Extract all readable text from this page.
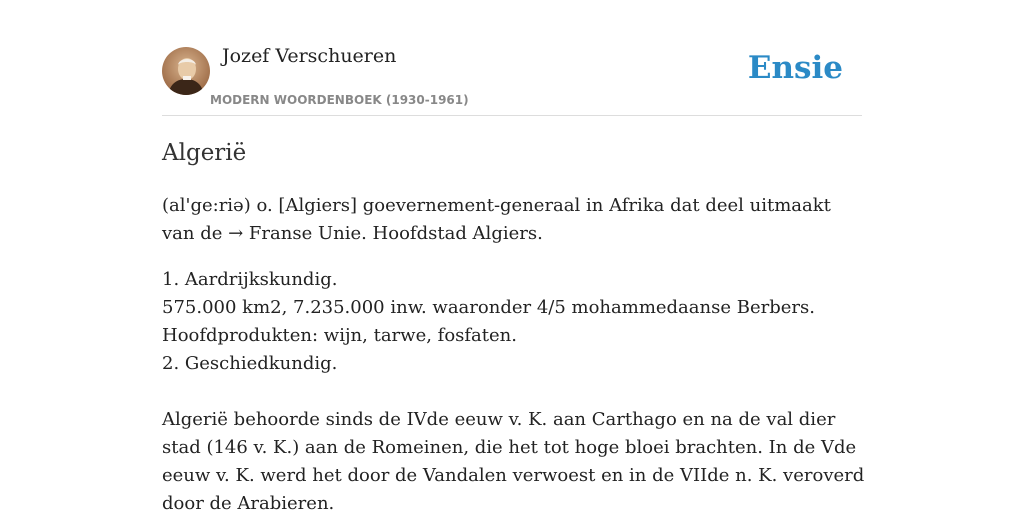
Jozef Verschueren
MODERN WOORDENBOEK (1930-1961)
Ensie
Algerië

(al'ge:riə) o. [Algiers] goevernement-generaal in Afrika dat deel uitmaakt van de → Franse Unie. Hoofdstad Algiers.

1. Aardrijkskundig.
575.000 km2, 7.235.000 inw. waaronder 4/5 mohammedaanse Berbers.
Hoofdprodukten: wijn, tarwe, fosfaten.
2. Geschiedkundig.
Algerië behoorde sinds de IVde eeuw v. K. aan Carthago en na de val dier stad (146 v. K.) aan de Romeinen, die het tot hoge bloei brachten. In de Vde eeuw v. K. werd het door de Vandalen verwoest en in de VIIde n. K. veroverd door de Arabieren.
